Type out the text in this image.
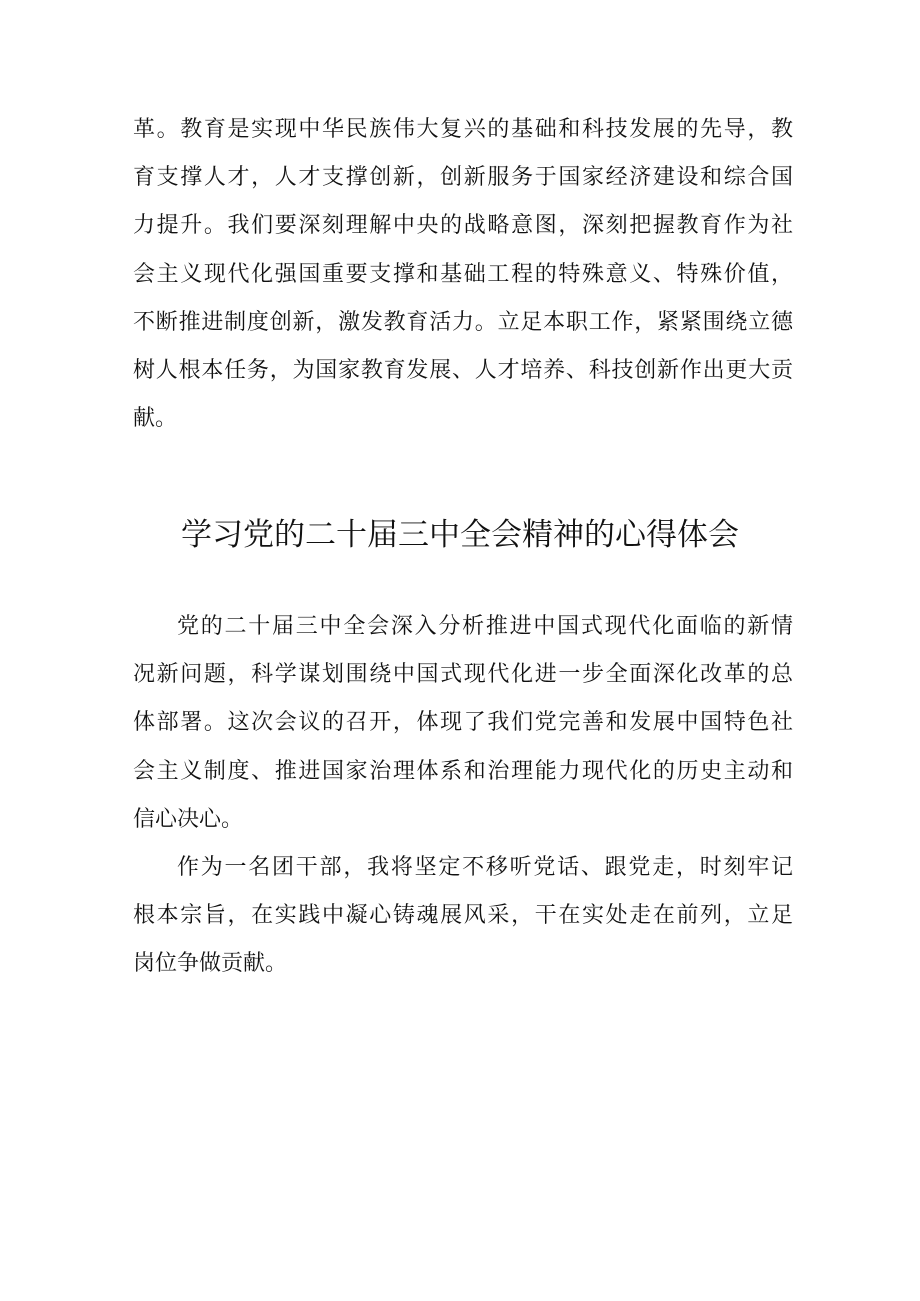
革。教育是实现中华民族伟大复兴的基础和科技发展的先导，教
育支撑人才，人才支撑创新，创新服务于国家经济建设和综合国
力提升。我们要深刻理解中央的战略意图，深刻把握教育作为社
会主义现代化强国重要支撑和基础工程的特殊意义、特殊价值，
不断推进制度创新，激发教育活力。立足本职工作，紧紧围绕立德
树人根本任务，为国家教育发展、人才培养、科技创新作出更大贡
献。
学习党的二十届三中全会精神的心得体会
党的二十届三中全会深入分析推进中国式现代化面临的新情
况新问题，科学谋划围绕中国式现代化进一步全面深化改革的总
体部署。这次会议的召开，体现了我们党完善和发展中国特色社
会主义制度、推进国家治理体系和治理能力现代化的历史主动和
信心决心。
作为一名团干部，我将坚定不移听党话、跟党走，时刻牢记
根本宗旨，在实践中凝心铸魂展风采，干在实处走在前列，立足
岗位争做贡献。
